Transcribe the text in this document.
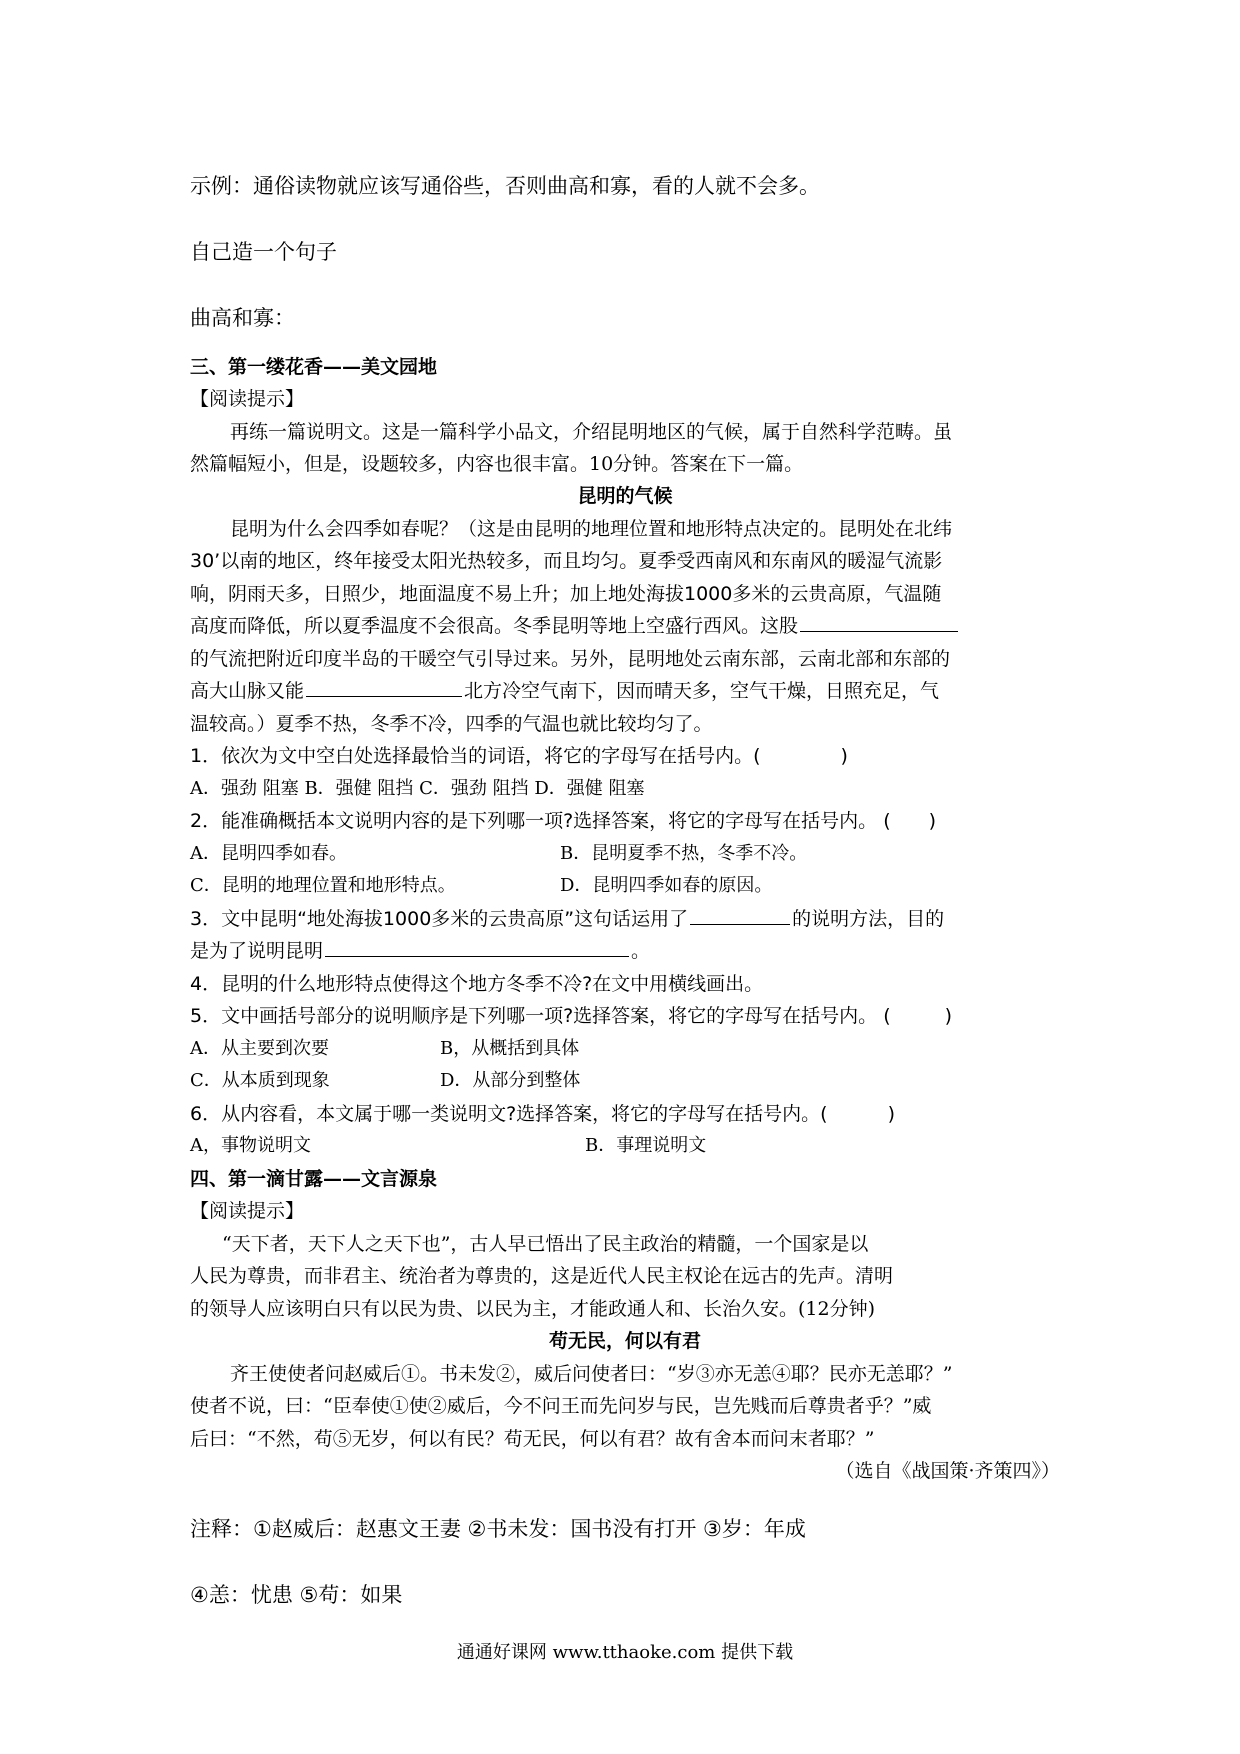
示例：通俗读物就应该写通俗些，否则曲高和寡，看的人就不会多。
自己造一个句子
曲高和寡：
三、第一缕花香——美文园地
【阅读提示】
再练一篇说明文。这是一篇科学小品文，介绍昆明地区的气候，属于自然科学范畴。虽
然篇幅短小，但是，设题较多，内容也很丰富。10分钟。答案在下一篇。
昆明的气候
昆明为什么会四季如春呢？（这是由昆明的地理位置和地形特点决定的。昆明处在北纬
30’以南的地区，终年接受太阳光热较多，而且均匀。夏季受西南风和东南风的暖湿气流影
响，阴雨天多，日照少，地面温度不易上升；加上地处海拔1000多米的云贵高原，气温随
高度而降低，所以夏季温度不会很高。冬季昆明等地上空盛行西风。这股
的气流把附近印度半岛的干暖空气引导过来。另外，昆明地处云南东部，云南北部和东部的
高大山脉又能	北方冷空气南下，因而晴天多，空气干燥，日照充足，气
温较高。）夏季不热，冬季不冷，四季的气温也就比较均匀了。
1．依次为文中空白处选择最恰当的词语，将它的字母写在括号内。(	)
A．强劲 阻塞 B．强健 阻挡 C．强劲 阻挡 D．强健 阻塞
2．能准确概括本文说明内容的是下列哪一项?选择答案，将它的字母写在括号内。 ( )
A．昆明四季如春。	B．昆明夏季不热，冬季不冷。
C．昆明的地理位置和地形特点。	D．昆明四季如春的原因。
3．文中昆明“地处海拔1000多米的云贵高原”这句话运用了	的说明方法，目的
是为了说明昆明	。
4．昆明的什么地形特点使得这个地方冬季不冷?在文中用横线画出。
5．文中画括号部分的说明顺序是下列哪一项?选择答案，将它的字母写在括号内。 (	)
A．从主要到次要	B，从概括到具体
C．从本质到现象	D．从部分到整体
6．从内容看，本文属于哪一类说明文?选择答案，将它的字母写在括号内。(	)
A，事物说明文	B．事理说明文
四、第一滴甘露——文言源泉
【阅读提示】
“天下者，天下人之天下也”，古人早已悟出了民主政治的精髓，一个国家是以
人民为尊贵，而非君主、统治者为尊贵的，这是近代人民主权论在远古的先声。清明
的领导人应该明白只有以民为贵、以民为主，才能政通人和、长治久安。(12分钟)
苟无民，何以有君
齐王使使者问赵威后①。书未发②，威后问使者曰：“岁③亦无恙④耶？民亦无恙耶？”
使者不说，曰：“臣奉使①使②威后，今不问王而先问岁与民，岂先贱而后尊贵者乎？”威
后曰：“不然，苟⑤无岁，何以有民？苟无民，何以有君？故有舍本而问末者耶？”
（选自《战国策·齐策四》）
注释：①赵威后：赵惠文王妻 ②书未发：国书没有打开 ③岁：年成
④恙：忧患 ⑤苟：如果
通通好课网 www.tthaoke.com 提供下载
